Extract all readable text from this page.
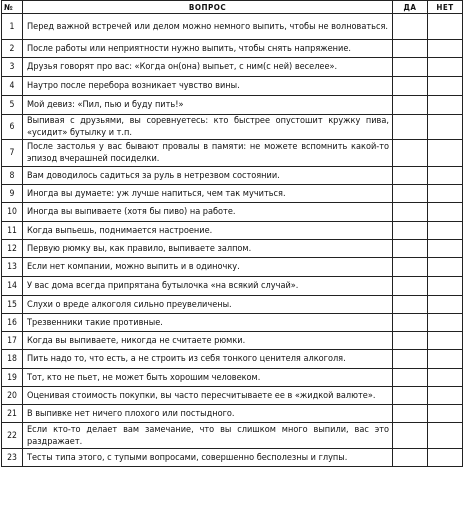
№	ВОПРОС	ДА	НЕТ
1	Перед важной встречей или делом можно немного выпить, чтобы не волноваться.		
2	После работы или неприятности нужно выпить, чтобы снять напряжение.		
3	Друзья говорят про вас: «Когда он(она) выпьет, с ним(с ней) веселее».		
4	Наутро после перебора возникает чувство вины.		
5	Мой девиз: «Пил, пью и буду пить!»		
6	Выпивая с друзьями, вы соревнуетесь: кто быстрее опустошит кружку пива, «усидит» бутылку и т.п.		
7	После застолья у вас бывают провалы в памяти: не можете вспомнить какой-то эпизод вчерашней посиделки.		
8	Вам доводилось садиться за руль в нетрезвом состоянии.		
9	Иногда вы думаете: уж лучше напиться, чем так мучиться.		
10	Иногда вы выпиваете (хотя бы пиво) на работе.		
11	Когда выпьешь, поднимается настроение.		
12	Первую рюмку вы, как правило, выпиваете залпом.		
13	Если нет компании, можно выпить и в одиночку.		
14	У вас дома всегда припрятана бутылочка «на всякий случай».		
15	Слухи о вреде алкоголя сильно преувеличены.		
16	Трезвенники такие противные.		
17	Когда вы выпиваете, никогда не считаете рюмки.		
18	Пить надо то, что есть, а не строить из себя тонкого ценителя алкоголя.		
19	Тот, кто не пьет, не может быть хорошим человеком.		
20	Оценивая стоимость покупки, вы часто пересчитываете ее в «жидкой валюте».		
21	В выпивке нет ничего плохого или постыдного.		
22	Если кто-то делает вам замечание, что вы слишком много выпили, вас это раздражает.		
23	Тесты типа этого, с тупыми вопросами, совершенно бесполезны и глупы.		
